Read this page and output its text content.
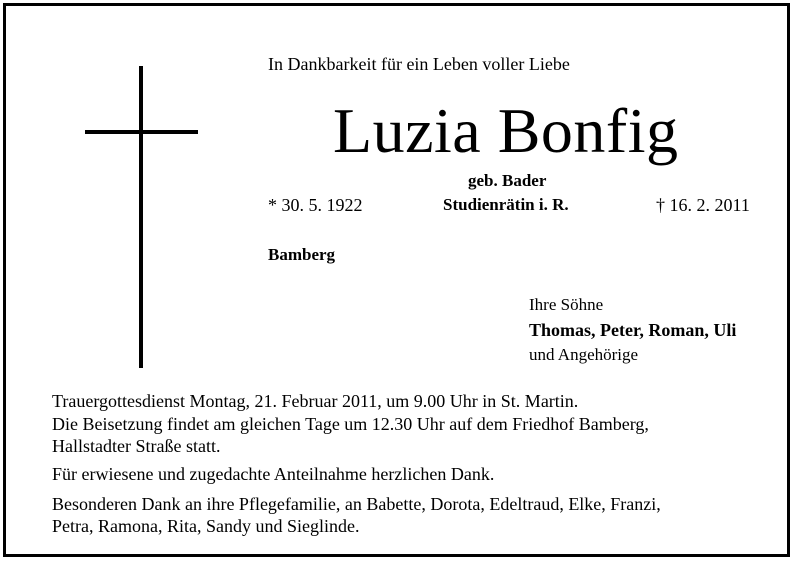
In Dankbarkeit für ein Leben voller Liebe
Luzia Bonfig
geb. Bader
* 30. 5. 1922	Studienrätin i. R.	† 16. 2. 2011
Bamberg
Ihre Söhne
Thomas, Peter, Roman, Uli
und Angehörige
Trauergottesdienst Montag, 21. Februar 2011, um 9.00 Uhr in St. Martin.
Die Beisetzung findet am gleichen Tage um 12.30 Uhr auf dem Friedhof Bamberg,
Hallstadter Straße statt.
Für erwiesene und zugedachte Anteilnahme herzlichen Dank.
Besonderen Dank an ihre Pflegefamilie, an Babette, Dorota, Edeltraud, Elke, Franzi,
Petra, Ramona, Rita, Sandy und Sieglinde.
